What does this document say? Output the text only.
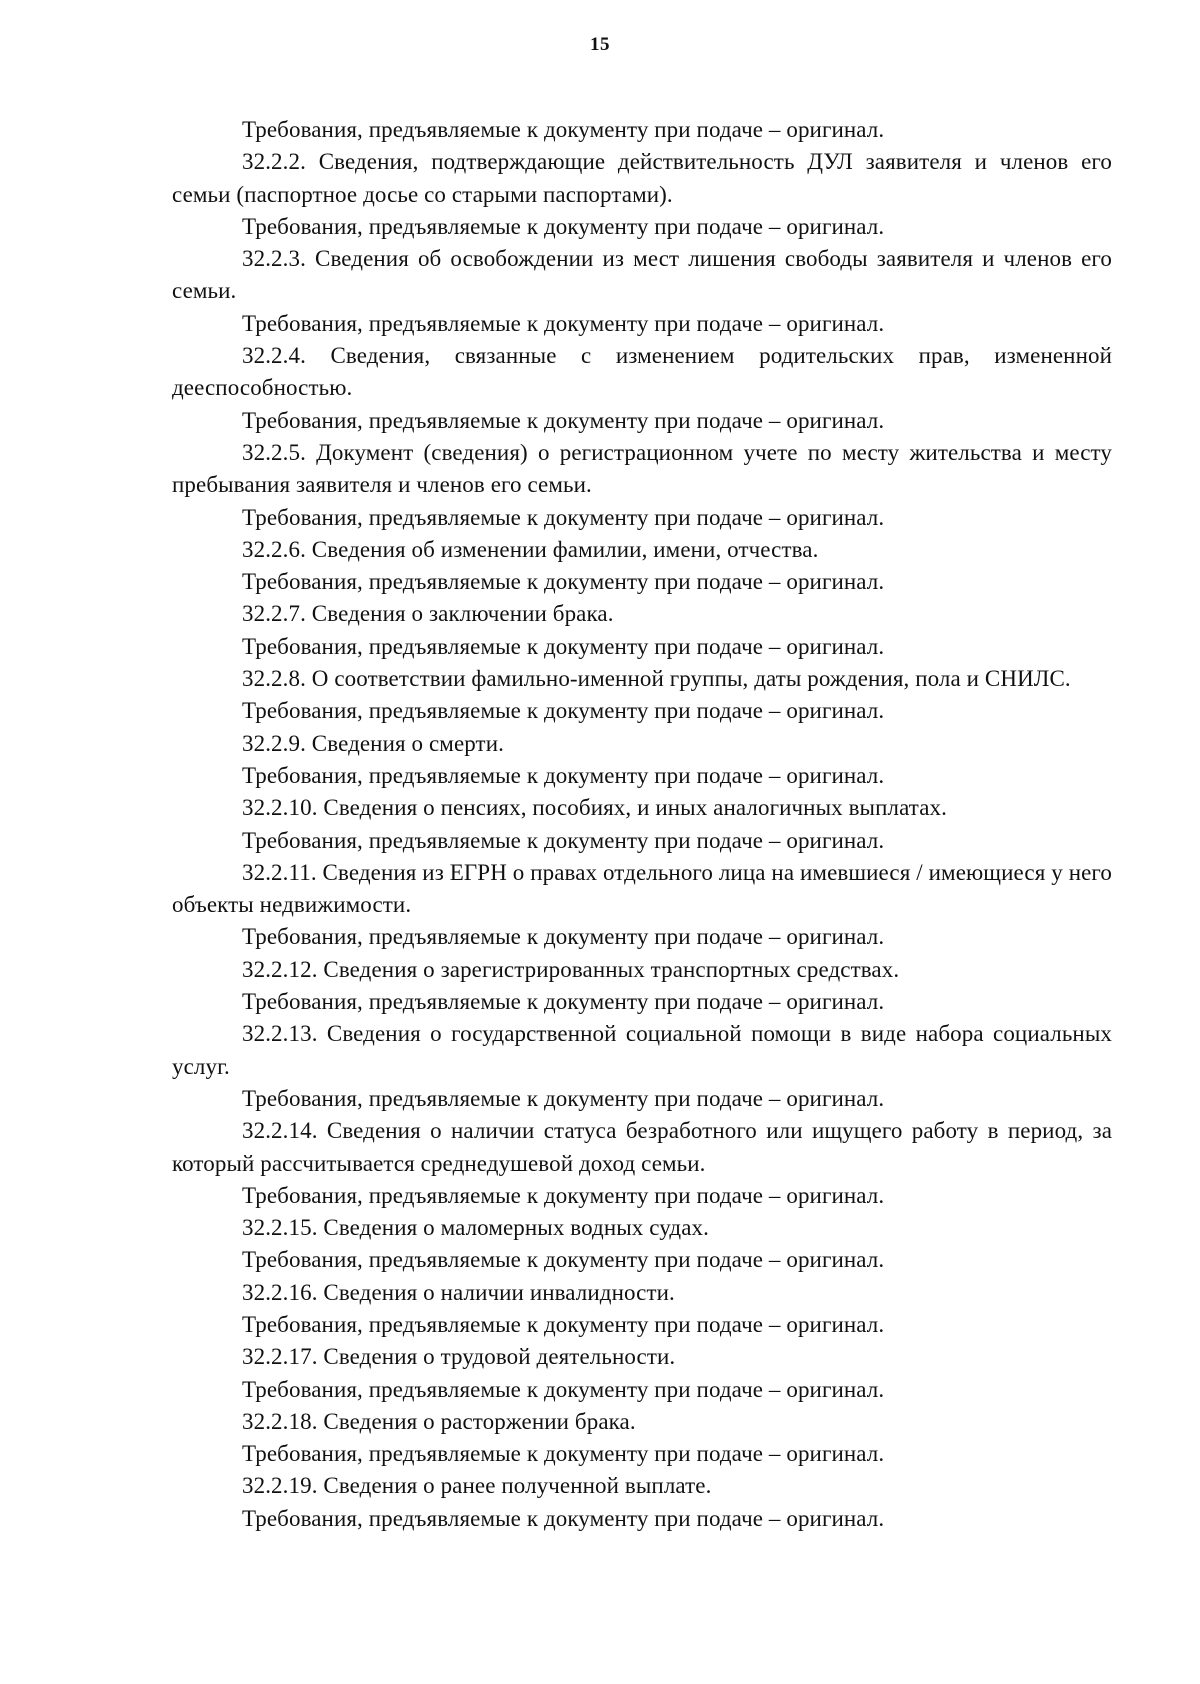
15

Требования, предъявляемые к документу при подаче – оригинал.

32.2.2. Сведения, подтверждающие действительность ДУЛ заявителя и членов его семьи (паспортное досье со старыми паспортами).

Требования, предъявляемые к документу при подаче – оригинал.

32.2.3. Сведения об освобождении из мест лишения свободы заявителя и членов его семьи.

Требования, предъявляемые к документу при подаче – оригинал.

32.2.4. Сведения, связанные с изменением родительских прав, измененной дееспособностью.

Требования, предъявляемые к документу при подаче – оригинал.

32.2.5. Документ (сведения) о регистрационном учете по месту жительства и месту пребывания заявителя и членов его семьи.

Требования, предъявляемые к документу при подаче – оригинал.

32.2.6. Сведения об изменении фамилии, имени, отчества.

Требования, предъявляемые к документу при подаче – оригинал.

32.2.7. Сведения о заключении брака.

Требования, предъявляемые к документу при подаче – оригинал.

32.2.8. О соответствии фамильно-именной группы, даты рождения, пола и СНИЛС.

Требования, предъявляемые к документу при подаче – оригинал.

32.2.9. Сведения о смерти.

Требования, предъявляемые к документу при подаче – оригинал.

32.2.10. Сведения о пенсиях, пособиях, и иных аналогичных выплатах.

Требования, предъявляемые к документу при подаче – оригинал.

32.2.11. Сведения из ЕГРН о правах отдельного лица на имевшиеся / имеющиеся у него объекты недвижимости.

Требования, предъявляемые к документу при подаче – оригинал.

32.2.12. Сведения о зарегистрированных транспортных средствах.

Требования, предъявляемые к документу при подаче – оригинал.

32.2.13. Сведения о государственной социальной помощи в виде набора социальных услуг.

Требования, предъявляемые к документу при подаче – оригинал.

32.2.14. Сведения о наличии статуса безработного или ищущего работу в период, за который рассчитывается среднедушевой доход семьи.

Требования, предъявляемые к документу при подаче – оригинал.

32.2.15. Сведения о маломерных водных судах.

Требования, предъявляемые к документу при подаче – оригинал.

32.2.16. Сведения о наличии инвалидности.

Требования, предъявляемые к документу при подаче – оригинал.

32.2.17. Сведения о трудовой деятельности.

Требования, предъявляемые к документу при подаче – оригинал.

32.2.18. Сведения о расторжении брака.

Требования, предъявляемые к документу при подаче – оригинал.

32.2.19. Сведения о ранее полученной выплате.

Требования, предъявляемые к документу при подаче – оригинал.
